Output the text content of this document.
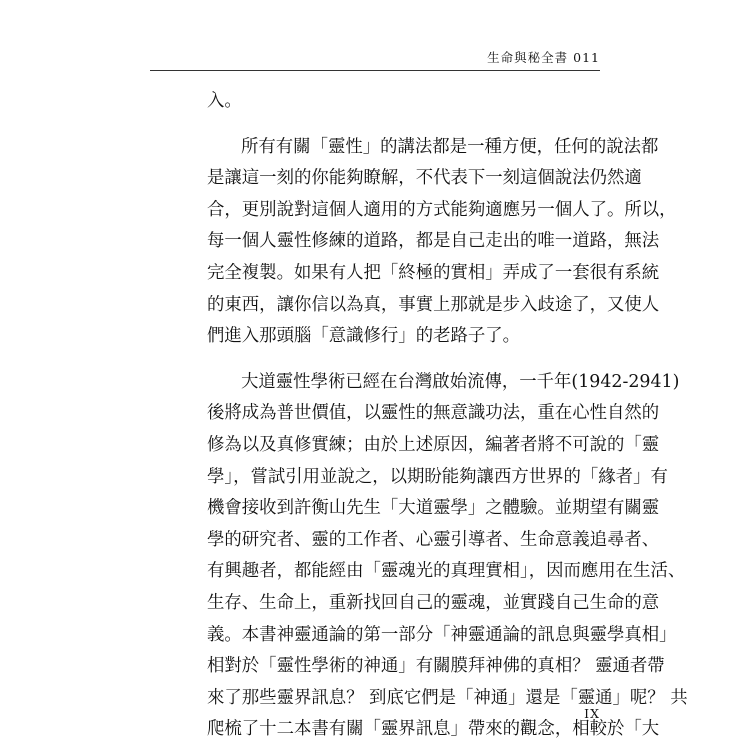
生命與秘全書 011
入。
所有有關「靈性」的講法都是一種方便，任何的說法都
是讓這一刻的你能夠瞭解，不代表下一刻這個說法仍然適
合，更別說對這個人適用的方式能夠適應另一個人了。所以，
每一個人靈性修練的道路，都是自己走出的唯一道路，無法
完全複製。如果有人把「終極的實相」弄成了一套很有系統
的東西，讓你信以為真，事實上那就是步入歧途了，又使人
們進入那頭腦「意識修行」的老路子了。
大道靈性學術已經在台灣啟始流傳，一千年(1942-2941)
後將成為普世價值，以靈性的無意識功法，重在心性自然的
修為以及真修實練；由於上述原因，編著者將不可說的「靈
學」，嘗試引用並說之，以期盼能夠讓西方世界的「緣者」有
機會接收到許衡山先生「大道靈學」之體驗。並期望有關靈
學的研究者、靈的工作者、心靈引導者、生命意義追尋者、
有興趣者，都能經由「靈魂光的真理實相」，因而應用在生活、
生存、生命上，重新找回自己的靈魂，並實踐自己生命的意
義。本書神靈通論的第一部分「神靈通論的訊息與靈學真相」
相對於「靈性學術的神通」有關膜拜神佛的真相？ 靈通者帶
來了那些靈界訊息？ 到底它們是「神通」還是「靈通」呢？ 共
爬梳了十二本書有關「靈界訊息」帶來的觀念，相較於「大
IX
